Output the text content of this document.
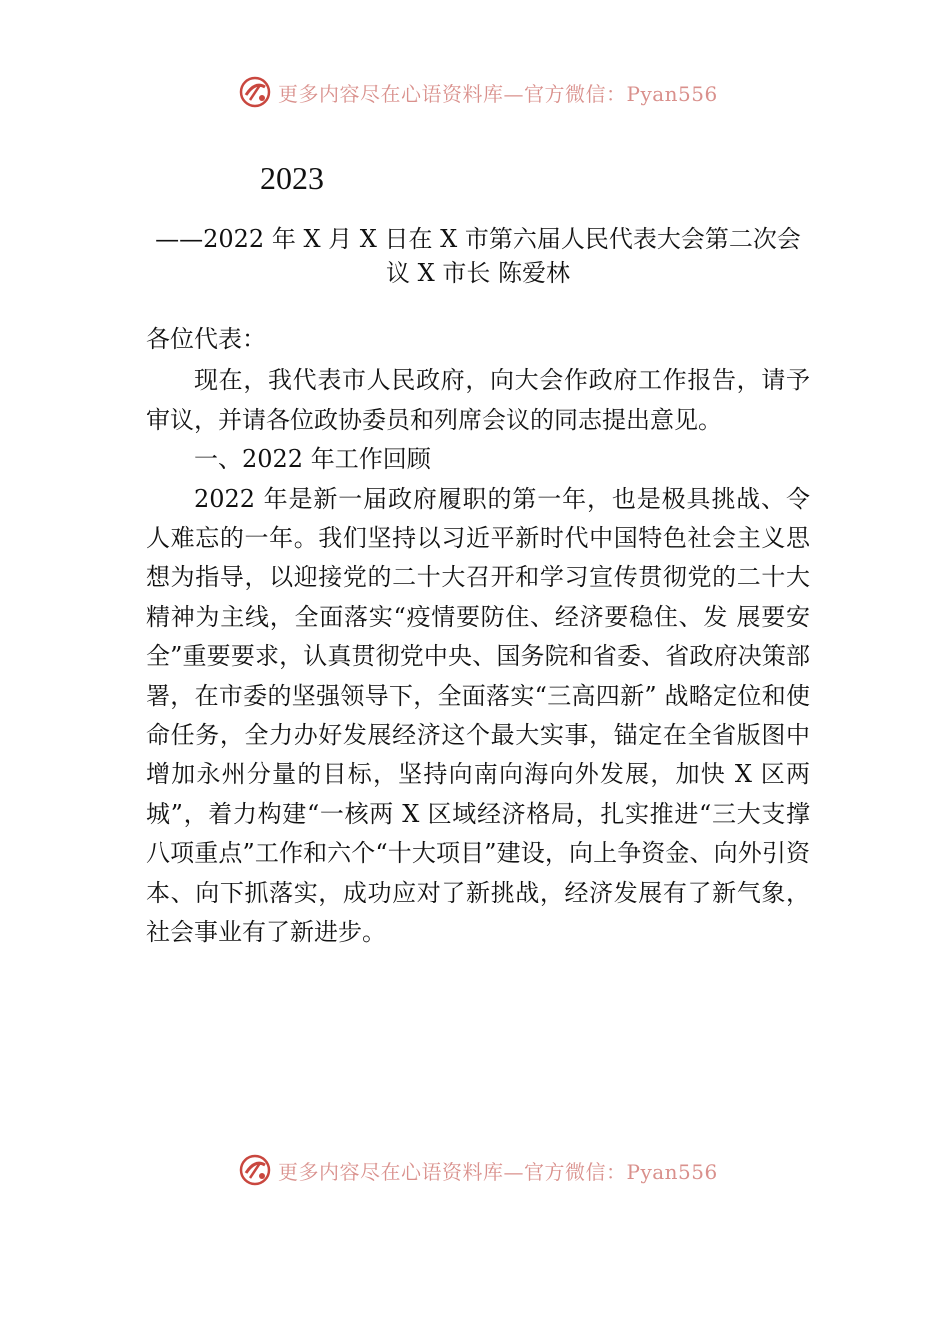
更多内容尽在心语资料库—官方微信：Pyan556
2023
——2022 年 X 月 X 日在 X 市第六届人民代表大会第二次会议 X 市长 陈爱林

各位代表：

现在，我代表市人民政府，向大会作政府工作报告，请予审议，并请各位政协委员和列席会议的同志提出意见。

一、2022 年工作回顾

2022 年是新一届政府履职的第一年，也是极具挑战、令人难忘的一年。我们坚持以习近平新时代中国特色社会主义思想为指导，以迎接党的二十大召开和学习宣传贯彻党的二十大精神为主线，全面落实“疫情要防住、经济要稳住、发 展要安全”重要要求，认真贯彻党中央、国务院和省委、省政府决策部署，在市委的坚强领导下，全面落实“三高四新” 战略定位和使命任务，全力办好发展经济这个最大实事，锚定在全省版图中增加永州分量的目标，坚持向南向海向外发展，加快 X 区两城”，着力构建“一核两 X 区域经济格局，扎实推进“三大支撑八项重点”工作和六个“十大项目”建设，向上争资金、向外引资本、向下抓落实，成功应对了新挑战，经济发展有了新气象，社会事业有了新进步。

更多内容尽在心语资料库—官方微信：Pyan556
